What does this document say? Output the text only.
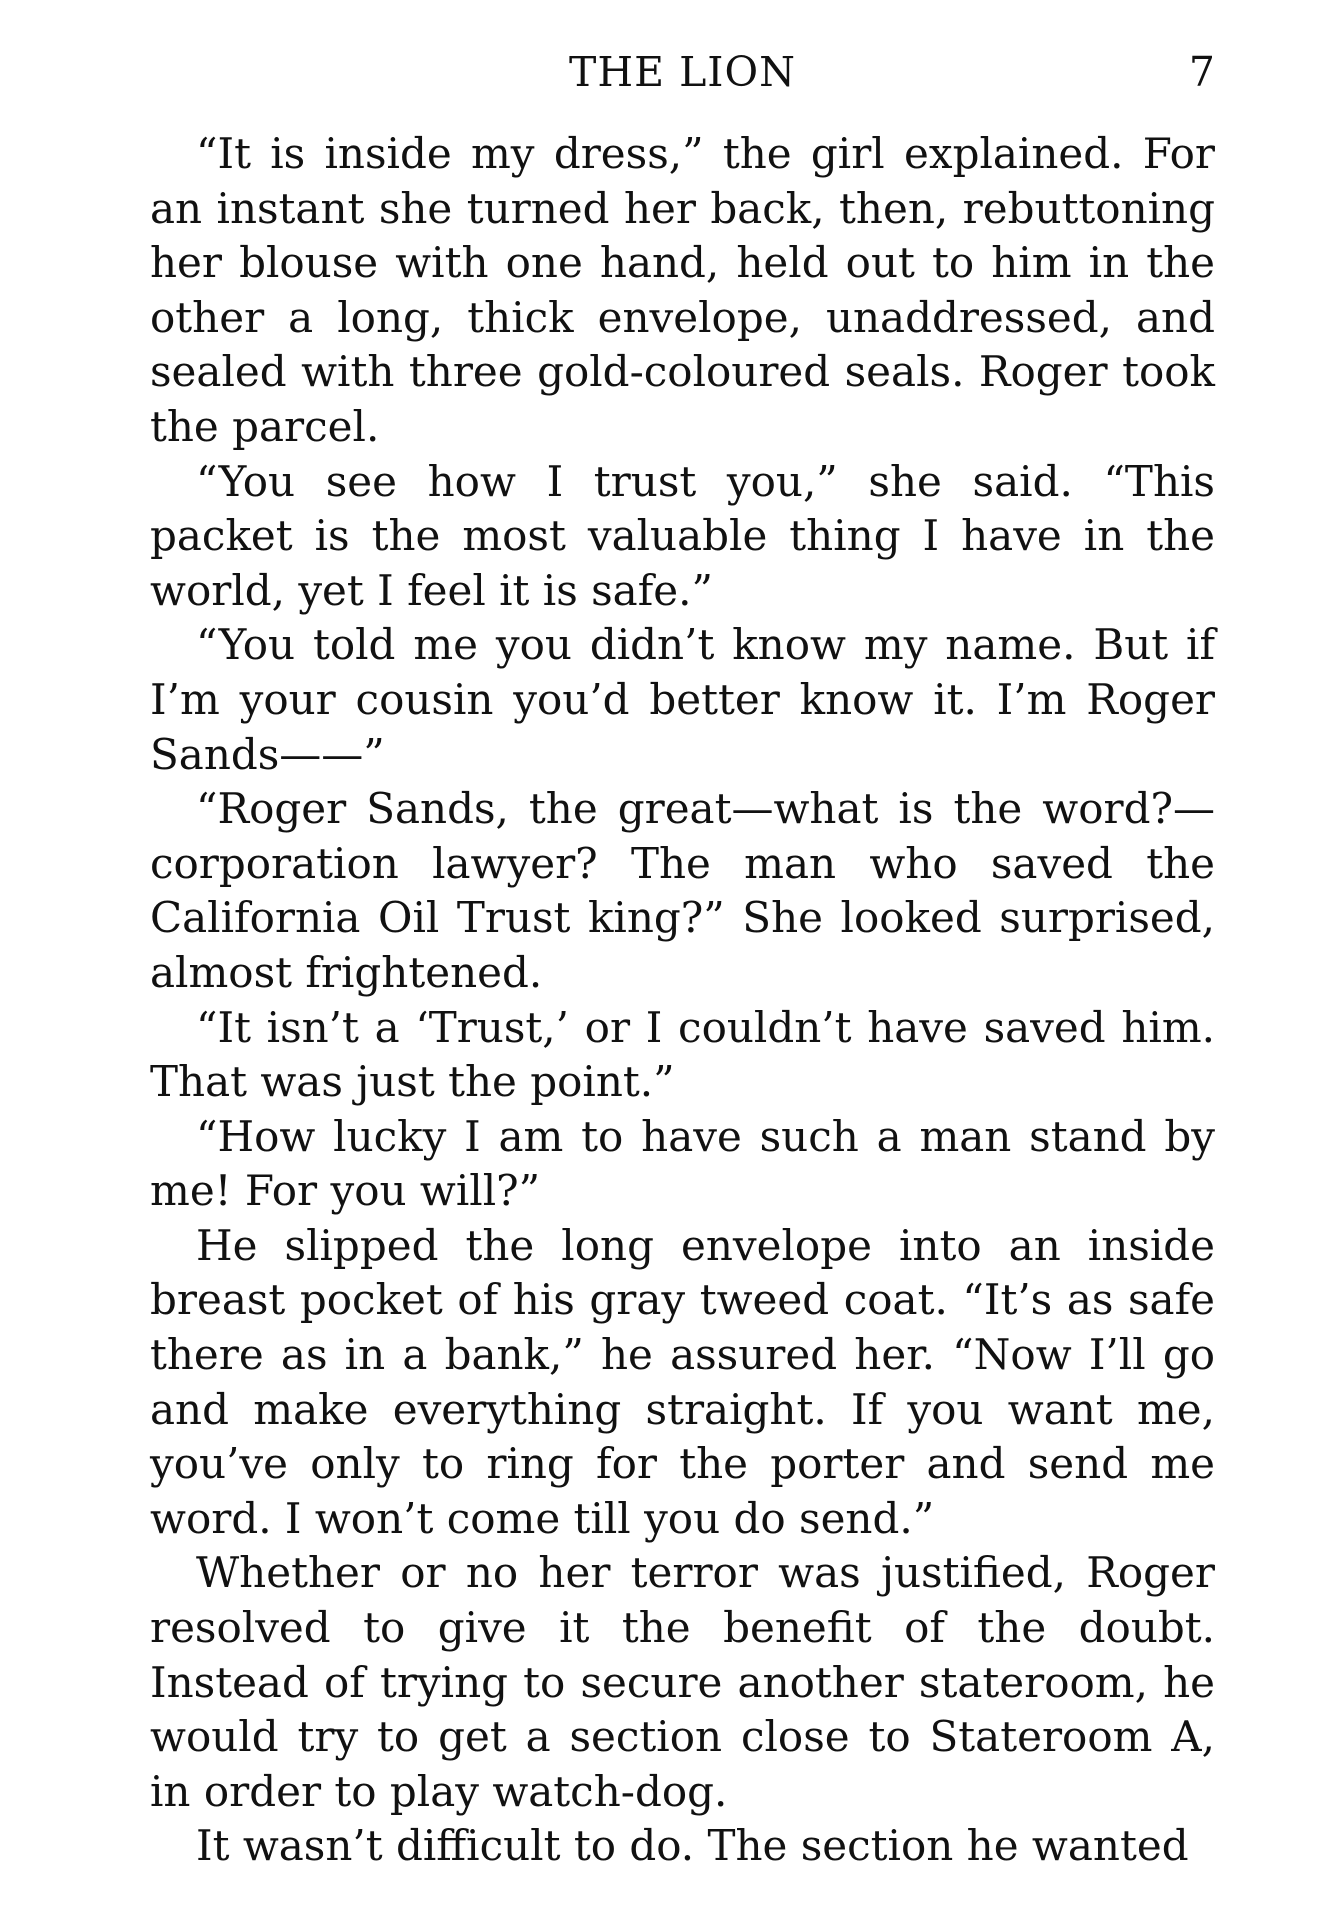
THE LION	7

“It is inside my dress,” the girl explained. For an instant she turned her back, then, rebuttoning her blouse with one hand, held out to him in the other a long, thick envelope, unaddressed, and sealed with three gold-coloured seals. Roger took the parcel.

“You see how I trust you,” she said. “This packet is the most valuable thing I have in the world, yet I feel it is safe.”

“You told me you didn’t know my name. But if I’m your cousin you’d better know it. I’m Roger Sands——”

“Roger Sands, the great—what is the word?—corporation lawyer? The man who saved the California Oil Trust king?” She looked surprised, almost frightened.

“It isn’t a ‘Trust,’ or I couldn’t have saved him. That was just the point.”

“How lucky I am to have such a man stand by me! For you will?”

He slipped the long envelope into an inside breast pocket of his gray tweed coat. “It’s as safe there as in a bank,” he assured her. “Now I’ll go and make everything straight. If you want me, you’ve only to ring for the porter and send me word. I won’t come till you do send.”

Whether or no her terror was justified, Roger resolved to give it the benefit of the doubt. Instead of trying to secure another stateroom, he would try to get a section close to Stateroom A, in order to play watch-dog.

It wasn’t difficult to do. The section he wanted
